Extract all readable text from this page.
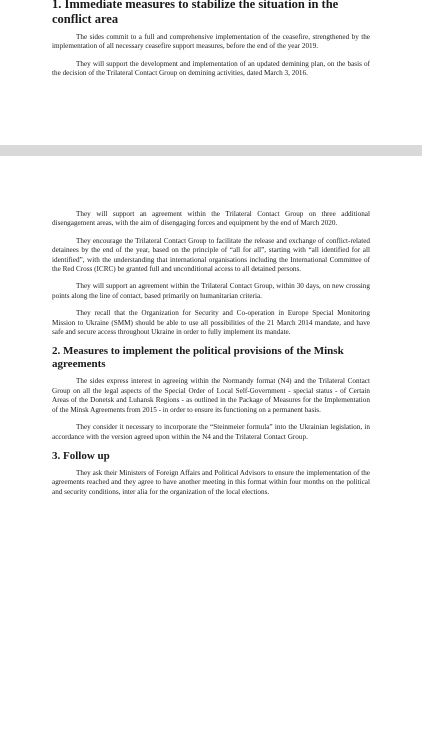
1. Immediate measures to stabilize the situation in the conflict area

The sides commit to a full and comprehensive implementation of the ceasefire, strengthened by the implementation of all necessary ceasefire support measures, before the end of the year 2019.

They will support the development and implementation of an updated demining plan, on the basis of the decision of the Trilateral Contact Group on demining activities, dated March 3, 2016.

They will support an agreement within the Trilateral Contact Group on three additional disengagement areas, with the aim of disengaging forces and equipment by the end of March 2020.

They encourage the Trilateral Contact Group to facilitate the release and exchange of conflict-related detainees by the end of the year, based on the principle of “all for all”, starting with “all identified for all identified”, with the understanding that international organisations including the International Committee of the Red Cross (ICRC) be granted full and unconditional access to all detained persons.

They will support an agreement within the Trilateral Contact Group, within 30 days, on new crossing points along the line of contact, based primarily on humanitarian criteria.

They recall that the Organization for Security and Co-operation in Europe Special Monitoring Mission to Ukraine (SMM) should be able to use all possibilities of the 21 March 2014 mandate, and have safe and secure access throughout Ukraine in order to fully implement its mandate.

2. Measures to implement the political provisions of the Minsk agreements

The sides express interest in agreeing within the Normandy format (N4) and the Trilateral Contact Group on all the legal aspects of the Special Order of Local Self-Government - special status - of Certain Areas of the Donetsk and Luhansk Regions - as outlined in the Package of Measures for the Implementation of the Minsk Agreements from 2015 - in order to ensure its functioning on a permanent basis.

They consider it necessary to incorporate the “Steinmeier formula” into the Ukrainian legislation, in accordance with the version agreed upon within the N4 and the Trilateral Contact Group.

3. Follow up

They ask their Ministers of Foreign Affairs and Political Advisors to ensure the implementation of the agreements reached and they agree to have another meeting in this format within four months on the political and security conditions, inter alia for the organization of the local elections.
